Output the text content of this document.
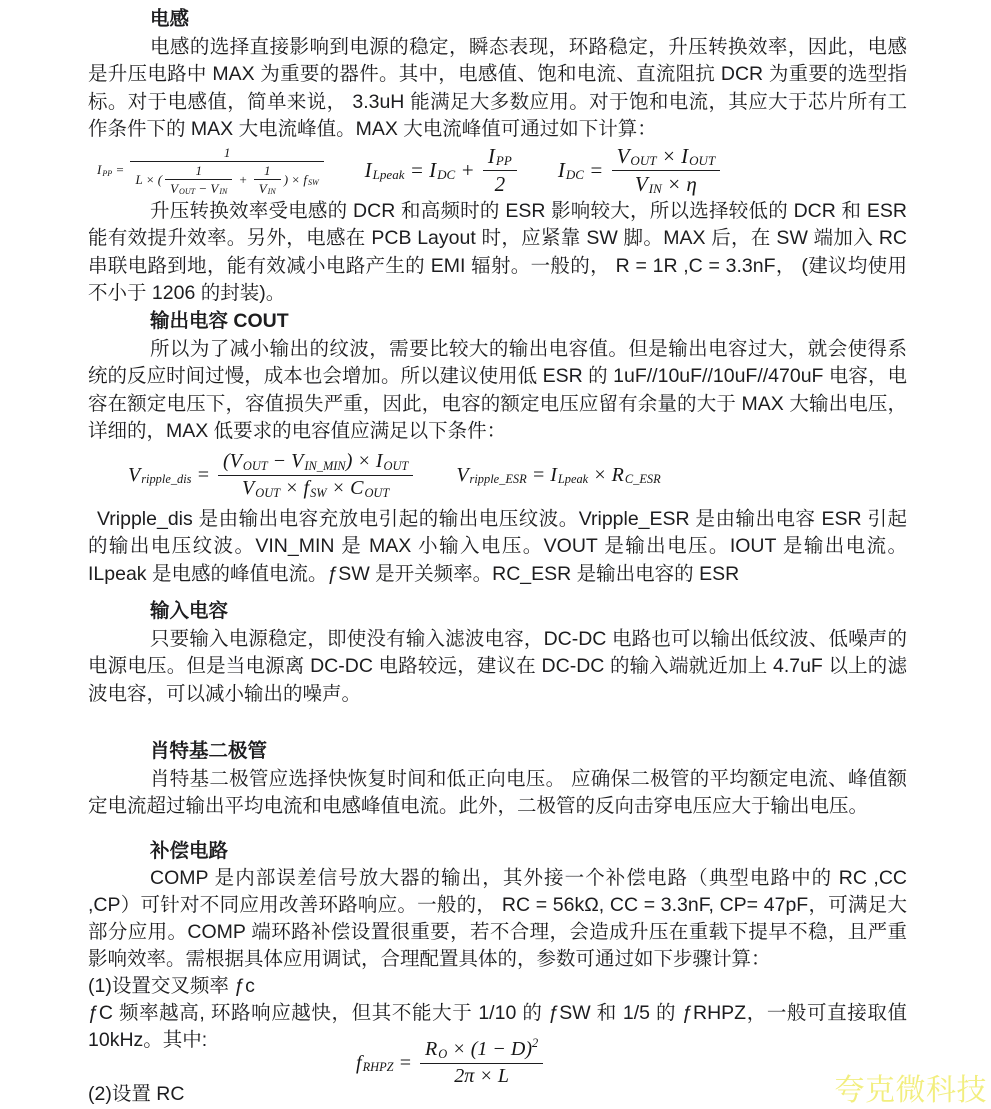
电感

电感的选择直接影响到电源的稳定，瞬态表现，环路稳定，升压转换效率，因此，电感是升压电路中 MAX 为重要的器件。其中，电感值、饱和电流、直流阻抗 DCR 为重要的选型指标。对于电感值，简单来说， 3.3uH 能满足大多数应用。对于饱和电流，其应大于芯片所有工作条件下的 MAX 大电流峰值。MAX 大电流峰值可通过如下计算：

I PP = $\frac{1}{L \times ( \frac{1}{\text{V OUT − V IN}} + \frac{1}{\text{V IN}} ) \times f SW}$ I Lpeak = I DC + $\frac{\text{I PP}}{2}$ I DC = $\frac{\text{V OUT × I OUT}}{\text{V IN × η}}$

升压转换效率受电感的 DCR 和高频时的 ESR 影响较大，所以选择较低的 DCR 和 ESR 能有效提升效率。另外，电感在 PCB Layout 时，应紧靠 SW 脚。MAX 后，在 SW 端加入 RC 串联电路到地，能有效减小电路产生的 EMI 辐射。一般的， R = 1R ,C = 3.3nF， (建议均使用不小于 1206 的封装)。

输出电容 COUT

所以为了减小输出的纹波，需要比较大的输出电容值。但是输出电容过大，就会使得系统的反应时间过慢，成本也会增加。所以建议使用低 ESR 的 1uF//10uF//10uF//470uF 电容，电容在额定电压下，容值损失严重，因此，电容的额定电压应留有余量的大于 MAX 大输出电压，详细的，MAX 低要求的电容值应满足以下条件：

V ripple_dis = $\frac{\text{( V OUT − V IN\_MIN ) × I OUT}}{\text{V OUT × f SW × C OUT}}$ V ripple_ESR = I Lpeak × R C_ESR

Vripple_dis 是由输出电容充放电引起的输出电压纹波。Vripple_ESR 是由输出电容 ESR 引起的输出电压纹波。VIN_MIN 是 MAX 小输入电压。VOUT 是输出电压。IOUT 是输出电流。ILpeak 是电感的峰值电流。ƒSW 是开关频率。RC_ESR 是输出电容的 ESR

输入电容

只要输入电源稳定，即使没有输入滤波电容，DC-DC 电路也可以输出低纹波、低噪声的电源电压。但是当电源离 DC-DC 电路较远，建议在 DC-DC 的输入端就近加上 4.7uF 以上的滤波电容，可以减小输出的噪声。

肖特基二极管

肖特基二极管应选择快恢复时间和低正向电压。 应确保二极管的平均额定电流、峰值额定电流超过输出平均电流和电感峰值电流。此外，二极管的反向击穿电压应大于输出电压。

补偿电路

COMP 是内部误差信号放大器的输出，其外接一个补偿电路（典型电路中的 RC ,CC ,CP）可针对不同应用改善环路响应。一般的， RC = 56kΩ, CC = 3.3nF, CP= 47pF，可满足大部分应用。COMP 端环路补偿设置很重要，若不合理，会造成升压在重载下提早不稳，且严重影响效率。需根据具体应用调试，合理配置具体的，参数可通过如下步骤计算：

(1)设置交叉频率 ƒc

ƒC 频率越高, 环路响应越快，但其不能大于 1/10 的 ƒSW 和 1/5 的 ƒRHPZ，一般可直接取值 10kHz。其中:

f RHPZ = $\frac{\text{R O × (1 − D) 2}}{2\pi \times L}$
(2)设置 RC	夸克微科技
